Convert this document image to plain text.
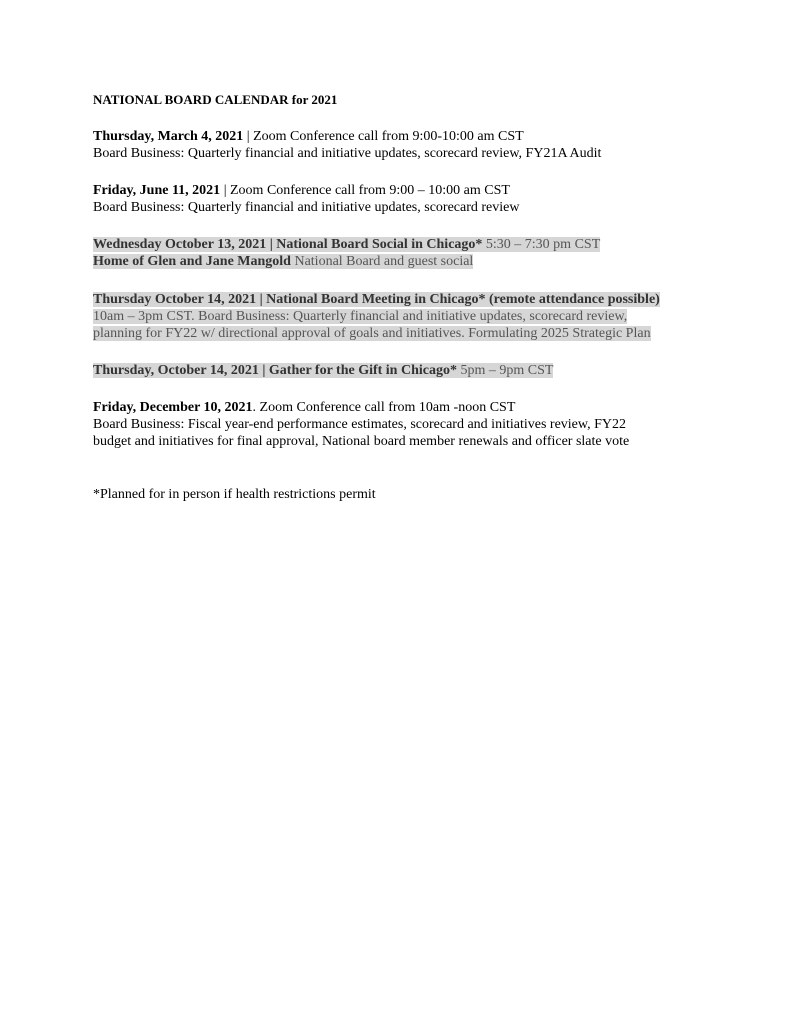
NATIONAL BOARD CALENDAR for 2021
Thursday, March 4, 2021 | Zoom Conference call from 9:00-10:00 am CST
Board Business: Quarterly financial and initiative updates, scorecard review, FY21A Audit
Friday, June 11, 2021 | Zoom Conference call from 9:00 – 10:00 am CST
Board Business: Quarterly financial and initiative updates, scorecard review
Wednesday October 13, 2021 | National Board Social in Chicago* 5:30 – 7:30 pm CST
Home of Glen and Jane Mangold National Board and guest social
Thursday October 14, 2021 | National Board Meeting in Chicago* (remote attendance possible)
10am – 3pm CST. Board Business: Quarterly financial and initiative updates, scorecard review,
planning for FY22 w/ directional approval of goals and initiatives. Formulating 2025 Strategic Plan
Thursday, October 14, 2021 | Gather for the Gift in Chicago* 5pm – 9pm CST
Friday, December 10, 2021. Zoom Conference call from 10am -noon CST
Board Business: Fiscal year-end performance estimates, scorecard and initiatives review, FY22
budget and initiatives for final approval, National board member renewals and officer slate vote
*Planned for in person if health restrictions permit
